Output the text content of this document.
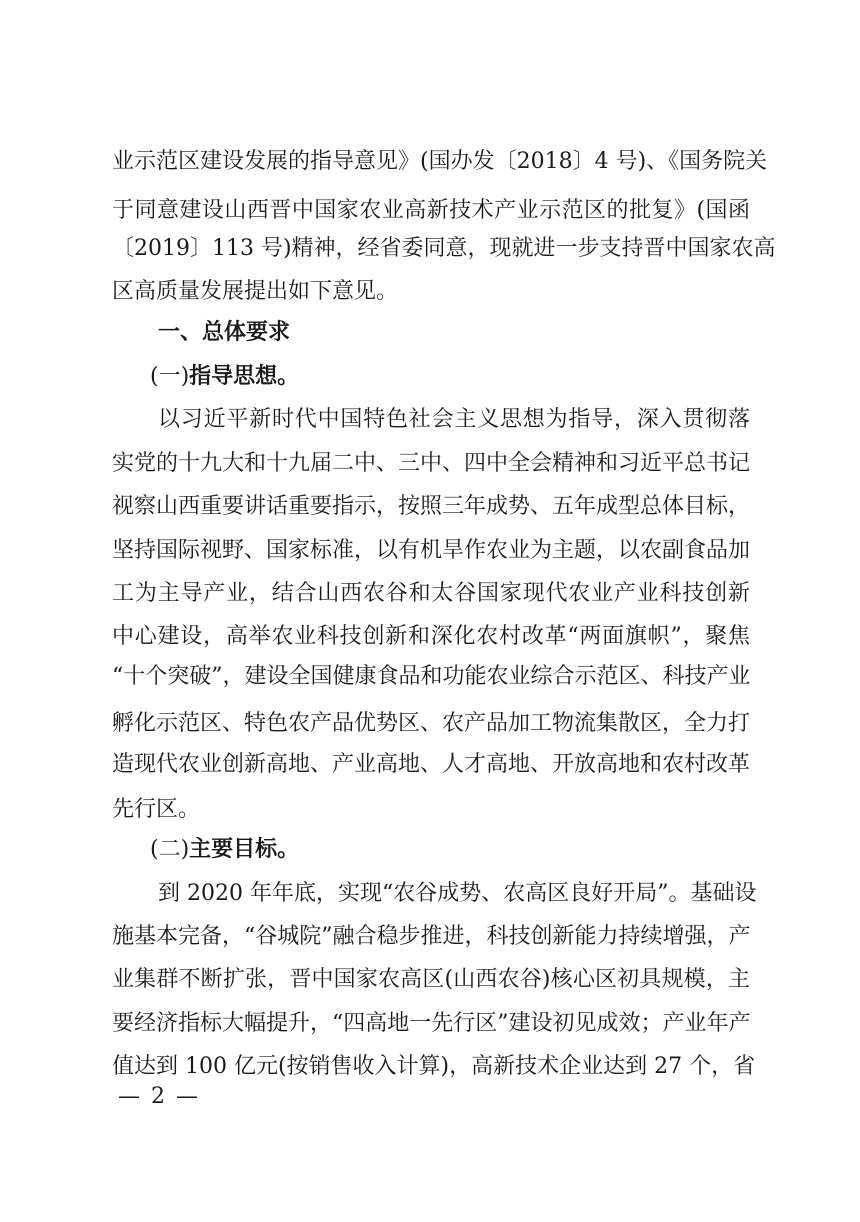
业示范区建设发展的指导意见》(国办发〔2018〕4 号)、《国务院关
于同意建设山西晋中国家农业高新技术产业示范区的批复》(国函
〔2019〕113 号)精神，经省委同意，现就进一步支持晋中国家农高
区高质量发展提出如下意见。
一、总体要求
(一)指导思想。
以习近平新时代中国特色社会主义思想为指导，深入贯彻落
实党的十九大和十九届二中、三中、四中全会精神和习近平总书记
视察山西重要讲话重要指示，按照三年成势、五年成型总体目标，
坚持国际视野、国家标准，以有机旱作农业为主题，以农副食品加
工为主导产业，结合山西农谷和太谷国家现代农业产业科技创新
中心建设，高举农业科技创新和深化农村改革“两面旗帜”，聚焦
“十个突破”，建设全国健康食品和功能农业综合示范区、科技产业
孵化示范区、特色农产品优势区、农产品加工物流集散区，全力打
造现代农业创新高地、产业高地、人才高地、开放高地和农村改革
先行区。
(二)主要目标。
到 2020 年年底，实现“农谷成势、农高区良好开局”。基础设
施基本完备，“谷城院”融合稳步推进，科技创新能力持续增强，产
业集群不断扩张，晋中国家农高区(山西农谷)核心区初具规模，主
要经济指标大幅提升，“四高地一先行区”建设初见成效；产业年产
值达到 100 亿元(按销售收入计算)，高新技术企业达到 27 个，省
— 2 —
